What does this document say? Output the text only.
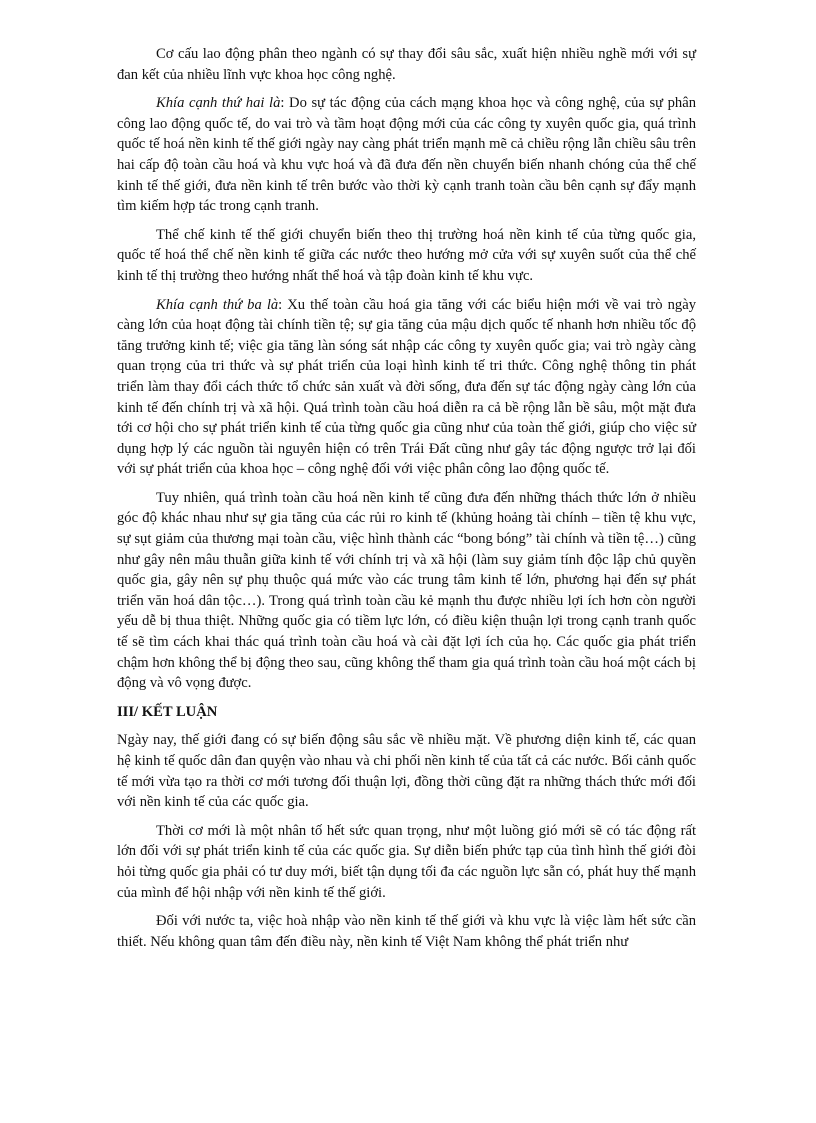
Cơ cấu lao động phân theo ngành có sự thay đổi sâu sắc, xuất hiện nhiều nghề mới với sự đan kết của nhiều lĩnh vực khoa học công nghệ.

Khía cạnh thứ hai là: Do sự tác động của cách mạng khoa học và công nghệ, của sự phân công lao động quốc tế, do vai trò và tầm hoạt động mới của các công ty xuyên quốc gia, quá trình quốc tế hoá nền kinh tế thế giới ngày nay càng phát triển mạnh mẽ cả chiều rộng lẫn chiều sâu trên hai cấp độ toàn cầu hoá và khu vực hoá và đã đưa đến nền chuyển biến nhanh chóng của thể chế kinh tế thế giới, đưa nền kinh tế trên bước vào thời kỳ cạnh tranh toàn cầu bên cạnh sự đẩy mạnh tìm kiếm hợp tác trong cạnh tranh.

Thể chế kinh tế thế giới chuyển biến theo thị trường hoá nền kinh tế của từng quốc gia, quốc tế hoá thể chế nền kinh tế giữa các nước theo hướng mở cửa với sự xuyên suốt của thể chế kinh tế thị trường theo hướng nhất thể hoá và tập đoàn kinh tế khu vực.

Khía cạnh thứ ba là: Xu thế toàn cầu hoá gia tăng với các biểu hiện mới về vai trò ngày càng lớn của hoạt động tài chính tiền tệ; sự gia tăng của mậu dịch quốc tế nhanh hơn nhiều tốc độ tăng trưởng kinh tế; việc gia tăng làn sóng sát nhập các công ty xuyên quốc gia; vai trò ngày càng quan trọng của tri thức và sự phát triển của loại hình kinh tế tri thức. Công nghệ thông tin phát triển làm thay đổi cách thức tổ chức sản xuất và đời sống, đưa đến sự tác động ngày càng lớn của kinh tế đến chính trị và xã hội. Quá trình toàn cầu hoá diễn ra cả bề rộng lẫn bề sâu, một mặt đưa tới cơ hội cho sự phát triển kinh tế của từng quốc gia cũng như của toàn thế giới, giúp cho việc sử dụng hợp lý các nguồn tài nguyên hiện có trên Trái Đất cũng như gây tác động ngược trở lại đối với sự phát triển của khoa học – công nghệ đối với việc phân công lao động quốc tế.

Tuy nhiên, quá trình toàn cầu hoá nền kinh tế cũng đưa đến những thách thức lớn ở nhiều góc độ khác nhau như sự gia tăng của các rủi ro kinh tế (khủng hoảng tài chính – tiền tệ khu vực, sự sụt giảm của thương mại toàn cầu, việc hình thành các “bong bóng” tài chính và tiền tệ…) cũng như gây nên mâu thuẫn giữa kinh tế với chính trị và xã hội (làm suy giảm tính độc lập chủ quyền quốc gia, gây nên sự phụ thuộc quá mức vào các trung tâm kinh tế lớn, phương hại đến sự phát triển văn hoá dân tộc…). Trong quá trình toàn cầu kẻ mạnh thu được nhiều lợi ích hơn còn người yếu dễ bị thua thiệt. Những quốc gia có tiềm lực lớn, có điều kiện thuận lợi trong cạnh tranh quốc tế sẽ tìm cách khai thác quá trình toàn cầu hoá và cài đặt lợi ích của họ. Các quốc gia phát triển chậm hơn không thể bị động theo sau, cũng không thể tham gia quá trình toàn cầu hoá một cách bị động và vô vọng được.

III/ KẾT LUẬN

Ngày nay, thế giới đang có sự biến động sâu sắc về nhiều mặt. Về phương diện kinh tế, các quan hệ kinh tế quốc dân đan quyện vào nhau và chi phối nền kinh tế của tất cả các nước. Bối cảnh quốc tế mới vừa tạo ra thời cơ mới tương đối thuận lợi, đồng thời cũng đặt ra những thách thức mới đối với nền kinh tế của các quốc gia.

Thời cơ mới là một nhân tố hết sức quan trọng, như một luồng gió mới sẽ có tác động rất lớn đối với sự phát triển kinh tế của các quốc gia. Sự diễn biến phức tạp của tình hình thế giới đòi hỏi từng quốc gia phải có tư duy mới, biết tận dụng tối đa các nguồn lực sẵn có, phát huy thế mạnh của mình để hội nhập với nền kinh tế thế giới.

Đối với nước ta, việc hoà nhập vào nền kinh tế thế giới và khu vực là việc làm hết sức cần thiết. Nếu không quan tâm đến điều này, nền kinh tế Việt Nam không thể phát triển như
